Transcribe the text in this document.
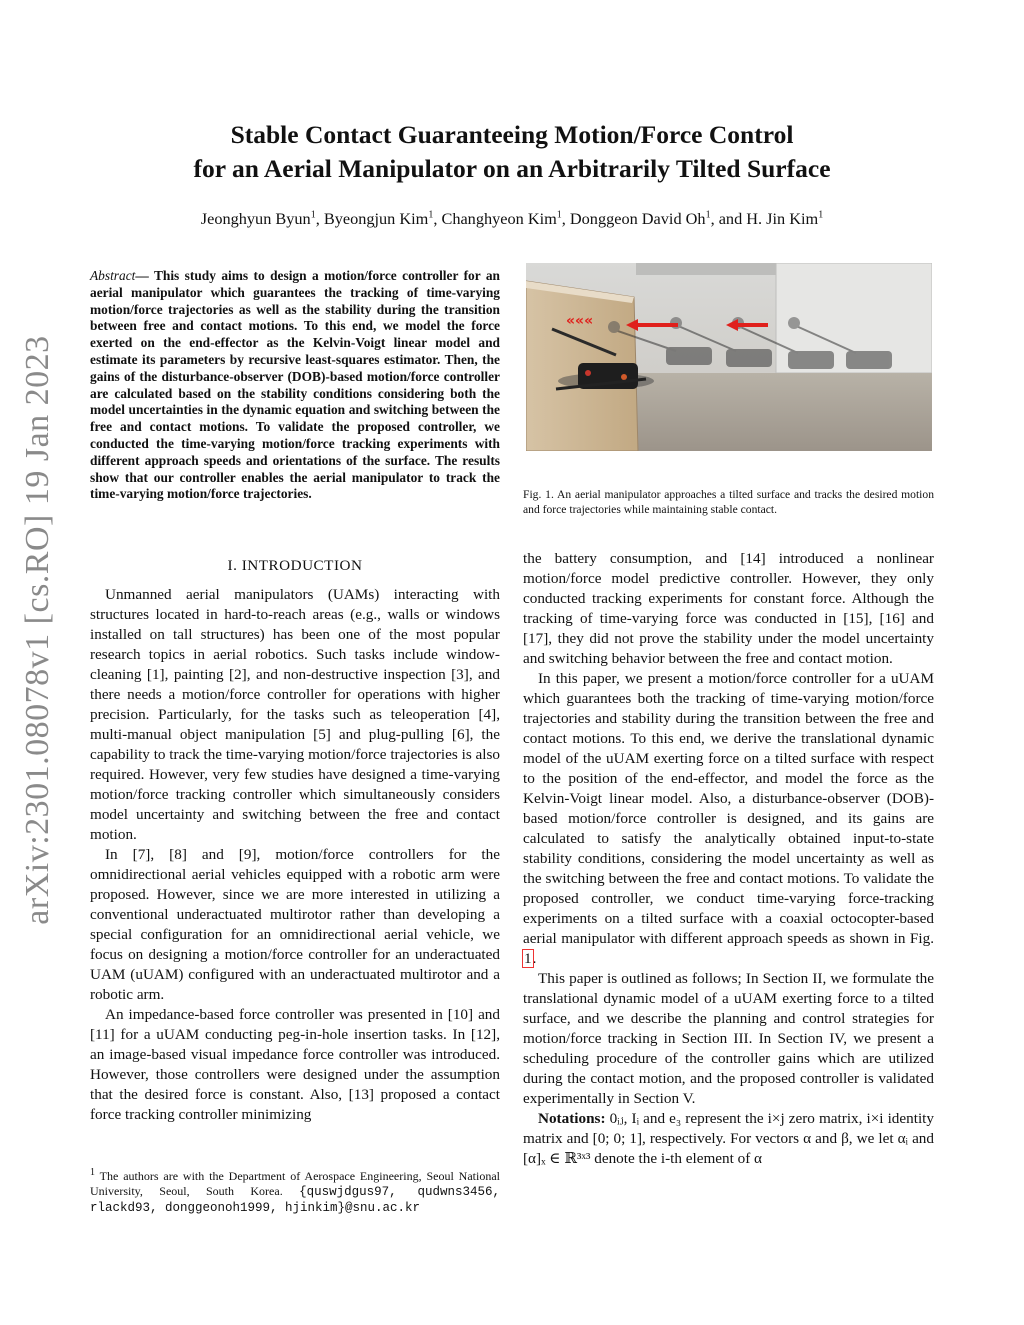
arXiv:2301.08078v1 [cs.RO] 19 Jan 2023
Stable Contact Guaranteeing Motion/Force Control
for an Aerial Manipulator on an Arbitrarily Tilted Surface
Jeonghyun Byun$^1$, Byeongjun Kim$^1$, Changhyeon Kim$^1$, Donggeon David Oh$^1$, and H. Jin Kim$^1$
Abstract— This study aims to design a motion/force controller for an aerial manipulator which guarantees the tracking of time-varying motion/force trajectories as well as the stability during the transition between free and contact motions. To this end, we model the force exerted on the end-effector as the Kelvin-Voigt linear model and estimate its parameters by recursive least-squares estimator. Then, the gains of the disturbance-observer (DOB)-based motion/force controller are calculated based on the stability conditions considering both the model uncertainties in the dynamic equation and switching between the free and contact motions. To validate the proposed controller, we conducted the time-varying motion/force tracking experiments with different approach speeds and orientations of the surface. The results show that our controller enables the aerial manipulator to track the time-varying motion/force trajectories.
I. INTRODUCTION

Unmanned aerial manipulators (UAMs) interacting with structures located in hard-to-reach areas (e.g., walls or windows installed on tall structures) has been one of the most popular research topics in aerial robotics. Such tasks include window-cleaning [1], painting [2], and non-destructive inspection [3], and there needs a motion/force controller for operations with higher precision. Particularly, for the tasks such as teleoperation [4], multi-manual object manipulation [5] and plug-pulling [6], the capability to track the time-varying motion/force trajectories is also required. However, very few studies have designed a time-varying motion/force tracking controller which simultaneously considers model uncertainty and switching between the free and contact motion.

In [7], [8] and [9], motion/force controllers for the omnidirectional aerial vehicles equipped with a robotic arm were proposed. However, since we are more interested in utilizing a conventional underactuated multirotor rather than developing a special configuration for an omnidirectional aerial vehicle, we focus on designing a motion/force controller for an underactuated UAM (uUAM) configured with an underactuated multirotor and a robotic arm.

An impedance-based force controller was presented in [10] and [11] for a uUAM conducting peg-in-hole insertion tasks. In [12], an image-based visual impedance force controller was introduced. However, those controllers were designed under the assumption that the desired force is constant. Also, [13] proposed a contact force tracking controller minimizing

$^1$ The authors are with the Department of Aerospace Engineering, Seoul National University, Seoul, South Korea. {quswjdgus97, qudwns3456, rlackd93, donggeonoh1999, hjinkim}@snu.ac.kr
«««
Fig. 1. An aerial manipulator approaches a tilted surface and tracks the desired motion and force trajectories while maintaining stable contact.

the battery consumption, and [14] introduced a nonlinear motion/force model predictive controller. However, they only conducted tracking experiments for constant force. Although the tracking of time-varying force was conducted in [15], [16] and [17], they did not prove the stability under the model uncertainty and switching behavior between the free and contact motion.

In this paper, we present a motion/force controller for a uUAM which guarantees both the tracking of time-varying motion/force trajectories and stability during the transition between the free and contact motions. To this end, we derive the translational dynamic model of the uUAM exerting force on a tilted surface with respect to the position of the end-effector, and model the force as the Kelvin-Voigt linear model. Also, a disturbance-observer (DOB)-based motion/force controller is designed, and its gains are calculated to satisfy the analytically obtained input-to-state stability conditions, considering the model uncertainty as well as the switching between the free and contact motions. To validate the proposed controller, we conduct time-varying force-tracking experiments on a tilted surface with a coaxial octocopter-based aerial manipulator with different approach speeds as shown in Fig. 1.

This paper is outlined as follows; In Section II, we formulate the translational dynamic model of a uUAM exerting force to a tilted surface, and we describe the planning and control strategies for motion/force tracking in Section III. In Section IV, we present a scheduling procedure of the controller gains which are utilized during the contact motion, and the proposed controller is validated experimentally in Section V.

Notations: 0ᵢⱼ, Iᵢ and e₃ represent the i×j zero matrix, i×i identity matrix and [0; 0; 1], respectively. For vectors α and β, we let αᵢ and [α]ₓ ∈ ℝ³ˣ³ denote the i-th element of α
